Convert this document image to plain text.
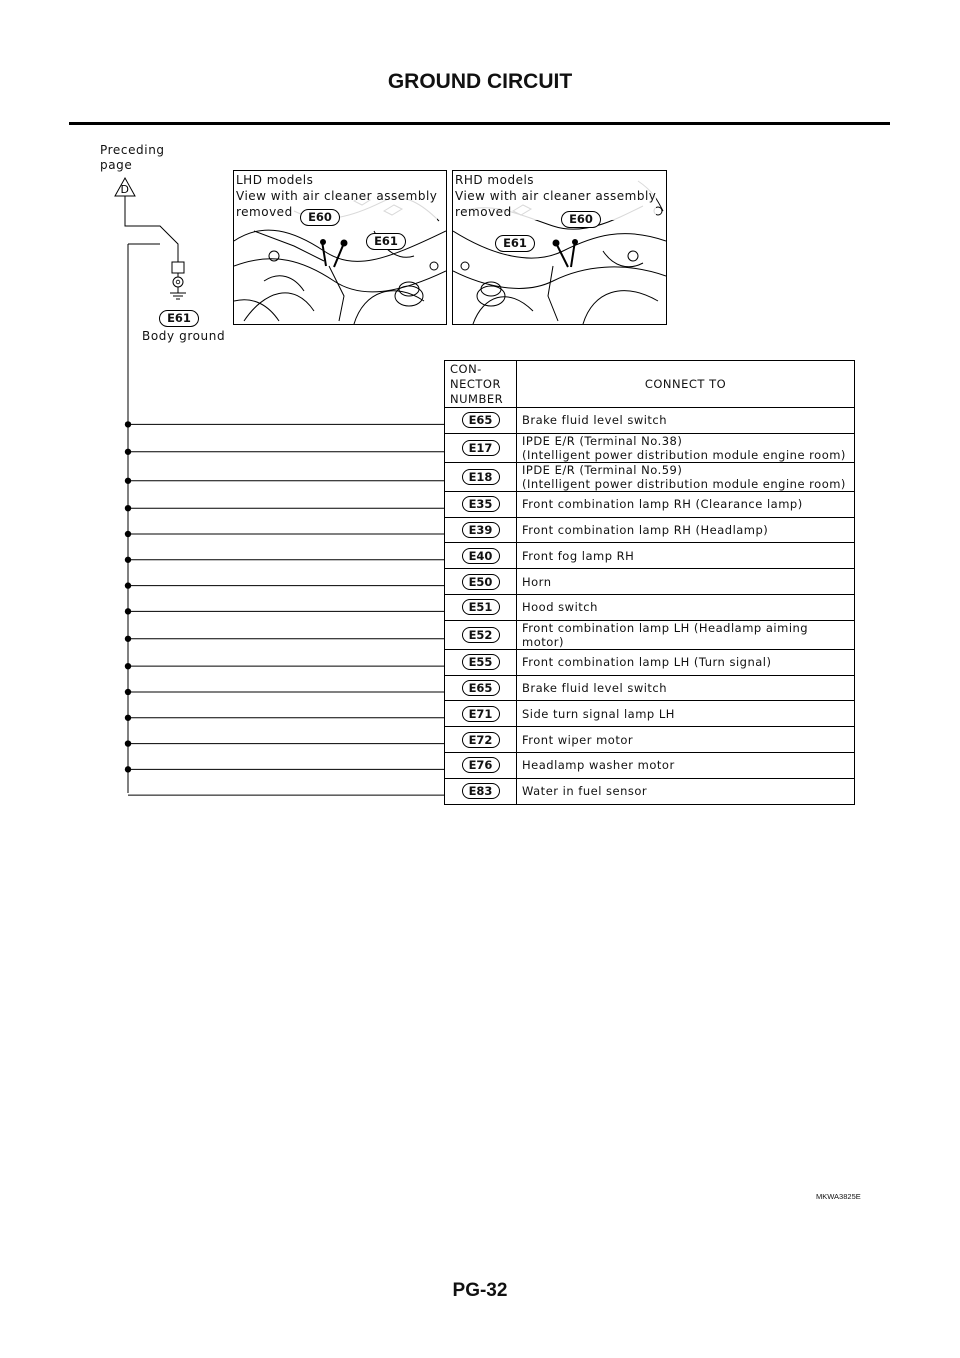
GROUND CIRCUIT
Preceding
page
D
E61
Body ground
LHD models
View with air cleaner assembly
removed	E60
E61
RHD models
View with air cleaner assembly
removed	E60
E61
CON-
NECTOR
NUMBER	CONNECT TO
E65	Brake fluid level switch
E17	IPDE E/R (Terminal No.38)
(Intelligent power distribution module engine room)
E18	IPDE E/R (Terminal No.59)
(Intelligent power distribution module engine room)
E35	Front combination lamp RH (Clearance lamp)
E39	Front combination lamp RH (Headlamp)
E40	Front fog lamp RH
E50	Horn
E51	Hood switch
E52	Front combination lamp LH (Headlamp aiming motor)
E55	Front combination lamp LH (Turn signal)
E65	Brake fluid level switch
E71	Side turn signal lamp LH
E72	Front wiper motor
E76	Headlamp washer motor
E83	Water in fuel sensor
MKWA3825E
PG-32
